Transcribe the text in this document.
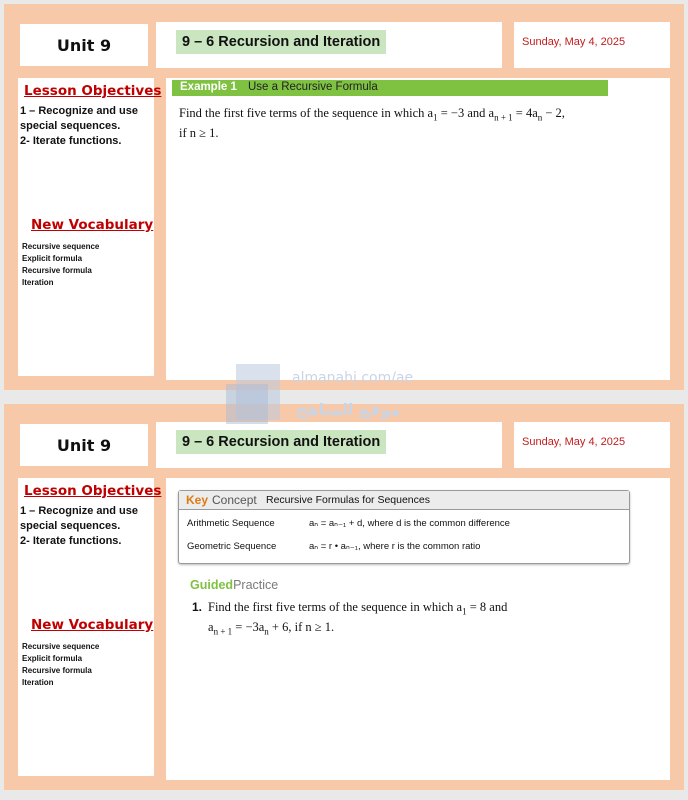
Unit 9	9 – 6 Recursion and Iteration	Sunday, May 4, 2025
Lesson Objectives
1 – Recognize and use special sequences.
2- Iterate functions.
New Vocabulary
Recursive sequence
Explicit formula
Recursive formula
Iteration
Example 1 Use a Recursive Formula
Find the first five terms of the sequence in which $a_1 = -3$ and $a_{n + 1} = 4a_n - 2$,
if n ≥ 1.
Unit 9	9 – 6 Recursion and Iteration	Sunday, May 4, 2025
Lesson Objectives
1 – Recognize and use special sequences.
2- Iterate functions.
New Vocabulary
Recursive sequence
Explicit formula
Recursive formula
Iteration
Key Concept Recursive Formulas for Sequences
Arithmetic Sequence	aₙ = aₙ₋₁ + d, where d is the common difference
Geometric Sequence	aₙ = r • aₙ₋₁, where r is the common ratio
GuidedPractice
1. Find the first five terms of the sequence in which $a_1 = 8$ and
$a_{n + 1} = -3a_n + 6$, if n ≥ 1.
almanahj.com/ae
موقع المناهج
